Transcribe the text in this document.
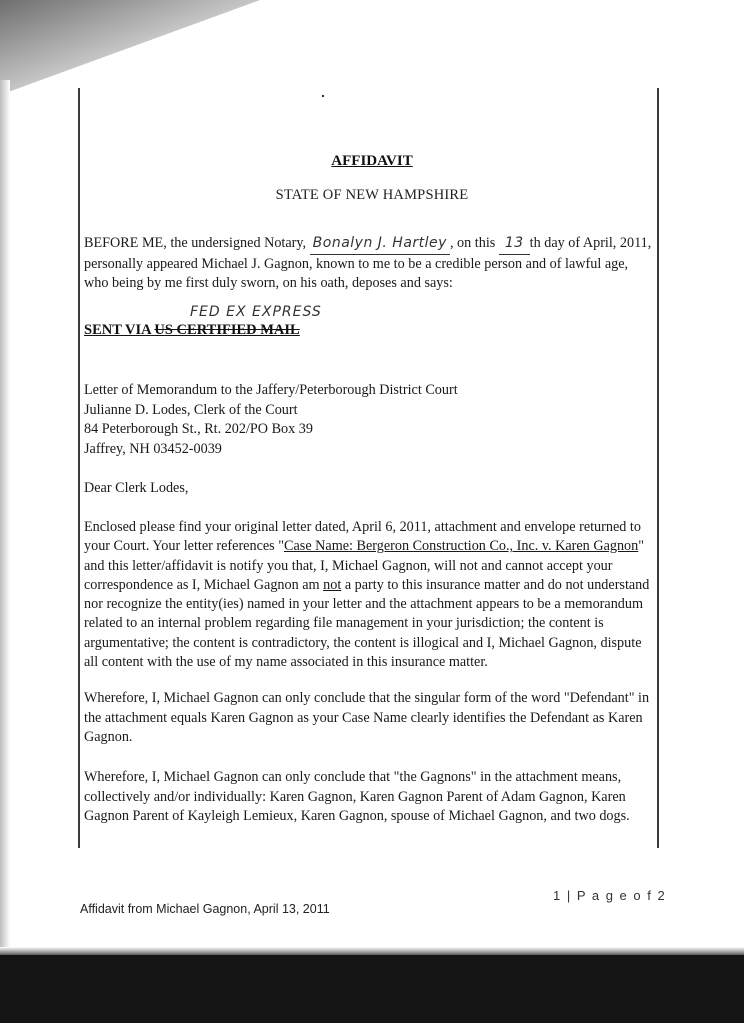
AFFIDAVIT
STATE OF NEW HAMPSHIRE
BEFORE ME, the undersigned Notary, Bonalyn J. Hartley , on this 13 th day of April, 2011, personally appeared Michael J. Gagnon, known to me to be a credible person and of lawful age, who being by me first duly sworn, on his oath, deposes and says:
FED EX EXPRESS
SENT VIA US CERTIFIED MAIL
Letter of Memorandum to the Jaffery/Peterborough District Court
Julianne D. Lodes, Clerk of the Court
84 Peterborough St., Rt. 202/PO Box 39
Jaffrey, NH 03452-0039
Dear Clerk Lodes,
Enclosed please find your original letter dated, April 6, 2011, attachment and envelope returned to your Court. Your letter references "Case Name: Bergeron Construction Co., Inc. v. Karen Gagnon" and this letter/affidavit is notify you that, I, Michael Gagnon, will not and cannot accept your correspondence as I, Michael Gagnon am not a party to this insurance matter and do not understand nor recognize the entity(ies) named in your letter and the attachment appears to be a memorandum related to an internal problem regarding file management in your jurisdiction; the content is argumentative; the content is contradictory, the content is illogical and I, Michael Gagnon, dispute all content with the use of my name associated in this insurance matter.
Wherefore, I, Michael Gagnon can only conclude that the singular form of the word "Defendant" in the attachment equals Karen Gagnon as your Case Name clearly identifies the Defendant as Karen Gagnon.
Wherefore, I, Michael Gagnon can only conclude that "the Gagnons" in the attachment means, collectively and/or individually: Karen Gagnon, Karen Gagnon Parent of Adam Gagnon, Karen Gagnon Parent of Kayleigh Lemieux, Karen Gagnon, spouse of Michael Gagnon, and two dogs.
1 | P a g e o f 2
Affidavit from Michael Gagnon, April 13, 2011
